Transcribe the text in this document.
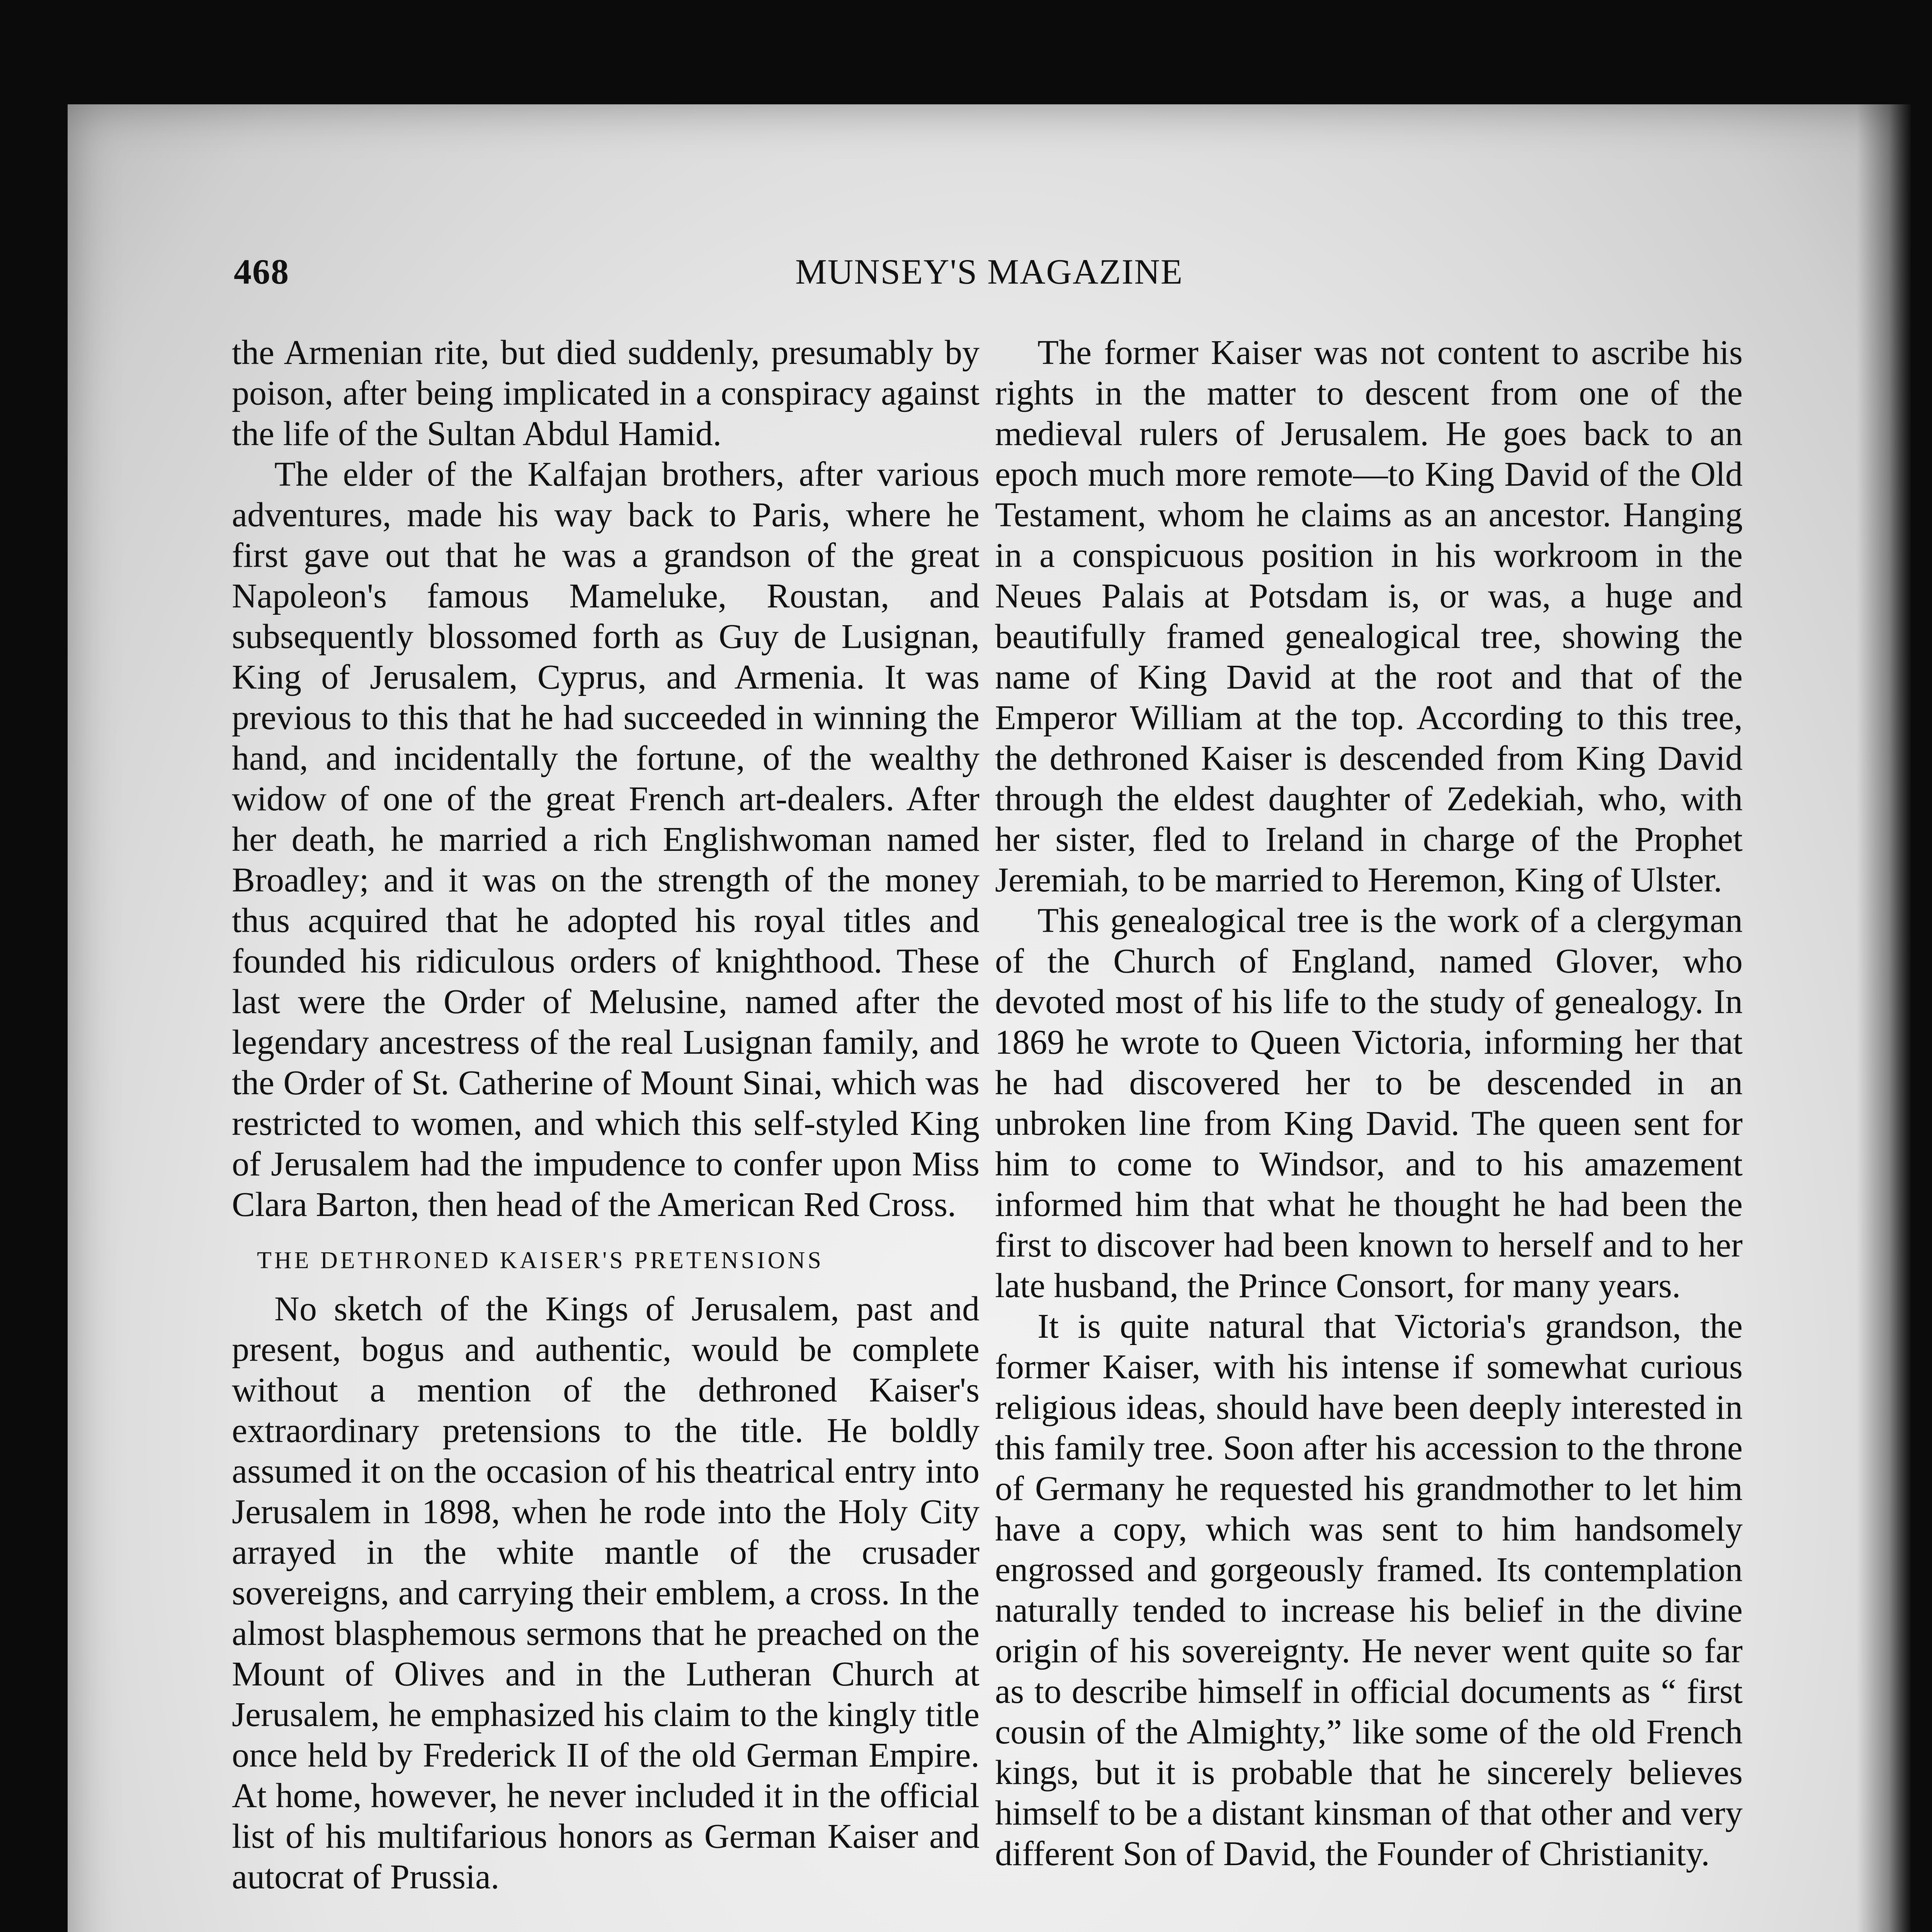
468	MUNSEY'S MAGAZINE

the Armenian rite, but died suddenly, presumably by poison, after being implicated in a conspiracy against the life of the Sultan Abdul Hamid.

The elder of the Kalfajan brothers, after various adventures, made his way back to Paris, where he first gave out that he was a grandson of the great Napoleon's famous Mameluke, Roustan, and subsequently blossomed forth as Guy de Lusignan, King of Jerusalem, Cyprus, and Armenia. It was previous to this that he had succeeded in winning the hand, and incidentally the fortune, of the wealthy widow of one of the great French art-dealers. After her death, he married a rich Englishwoman named Broadley; and it was on the strength of the money thus acquired that he adopted his royal titles and founded his ridiculous orders of knighthood. These last were the Order of Melusine, named after the legendary ancestress of the real Lusignan family, and the Order of St. Catherine of Mount Sinai, which was restricted to women, and which this self-styled King of Jerusalem had the impudence to confer upon Miss Clara Barton, then head of the American Red Cross.

THE DETHRONED KAISER'S PRETENSIONS

No sketch of the Kings of Jerusalem, past and present, bogus and authentic, would be complete without a mention of the dethroned Kaiser's extraordinary pretensions to the title. He boldly assumed it on the occasion of his theatrical entry into Jerusalem in 1898, when he rode into the Holy City arrayed in the white mantle of the crusader sovereigns, and carrying their emblem, a cross. In the almost blasphemous sermons that he preached on the Mount of Olives and in the Lutheran Church at Jerusalem, he emphasized his claim to the kingly title once held by Frederick II of the old German Empire. At home, however, he never included it in the official list of his multifarious honors as German Kaiser and autocrat of Prussia.

The former Kaiser was not content to ascribe his rights in the matter to descent from one of the medieval rulers of Jerusalem. He goes back to an epoch much more remote—to King David of the Old Testament, whom he claims as an ancestor. Hanging in a conspicuous position in his workroom in the Neues Palais at Potsdam is, or was, a huge and beautifully framed genealogical tree, showing the name of King David at the root and that of the Emperor William at the top. According to this tree, the dethroned Kaiser is descended from King David through the eldest daughter of Zedekiah, who, with her sister, fled to Ireland in charge of the Prophet Jeremiah, to be married to Heremon, King of Ulster.

This genealogical tree is the work of a clergyman of the Church of England, named Glover, who devoted most of his life to the study of genealogy. In 1869 he wrote to Queen Victoria, informing her that he had discovered her to be descended in an unbroken line from King David. The queen sent for him to come to Windsor, and to his amazement informed him that what he thought he had been the first to discover had been known to herself and to her late husband, the Prince Consort, for many years.

It is quite natural that Victoria's grandson, the former Kaiser, with his intense if somewhat curious religious ideas, should have been deeply interested in this family tree. Soon after his accession to the throne of Germany he requested his grandmother to let him have a copy, which was sent to him handsomely engrossed and gorgeously framed. Its contemplation naturally tended to increase his belief in the divine origin of his sovereignty. He never went quite so far as to describe himself in official documents as “ first cousin of the Almighty,” like some of the old French kings, but it is probable that he sincerely believes himself to be a distant kinsman of that other and very different Son of David, the Founder of Christianity.
